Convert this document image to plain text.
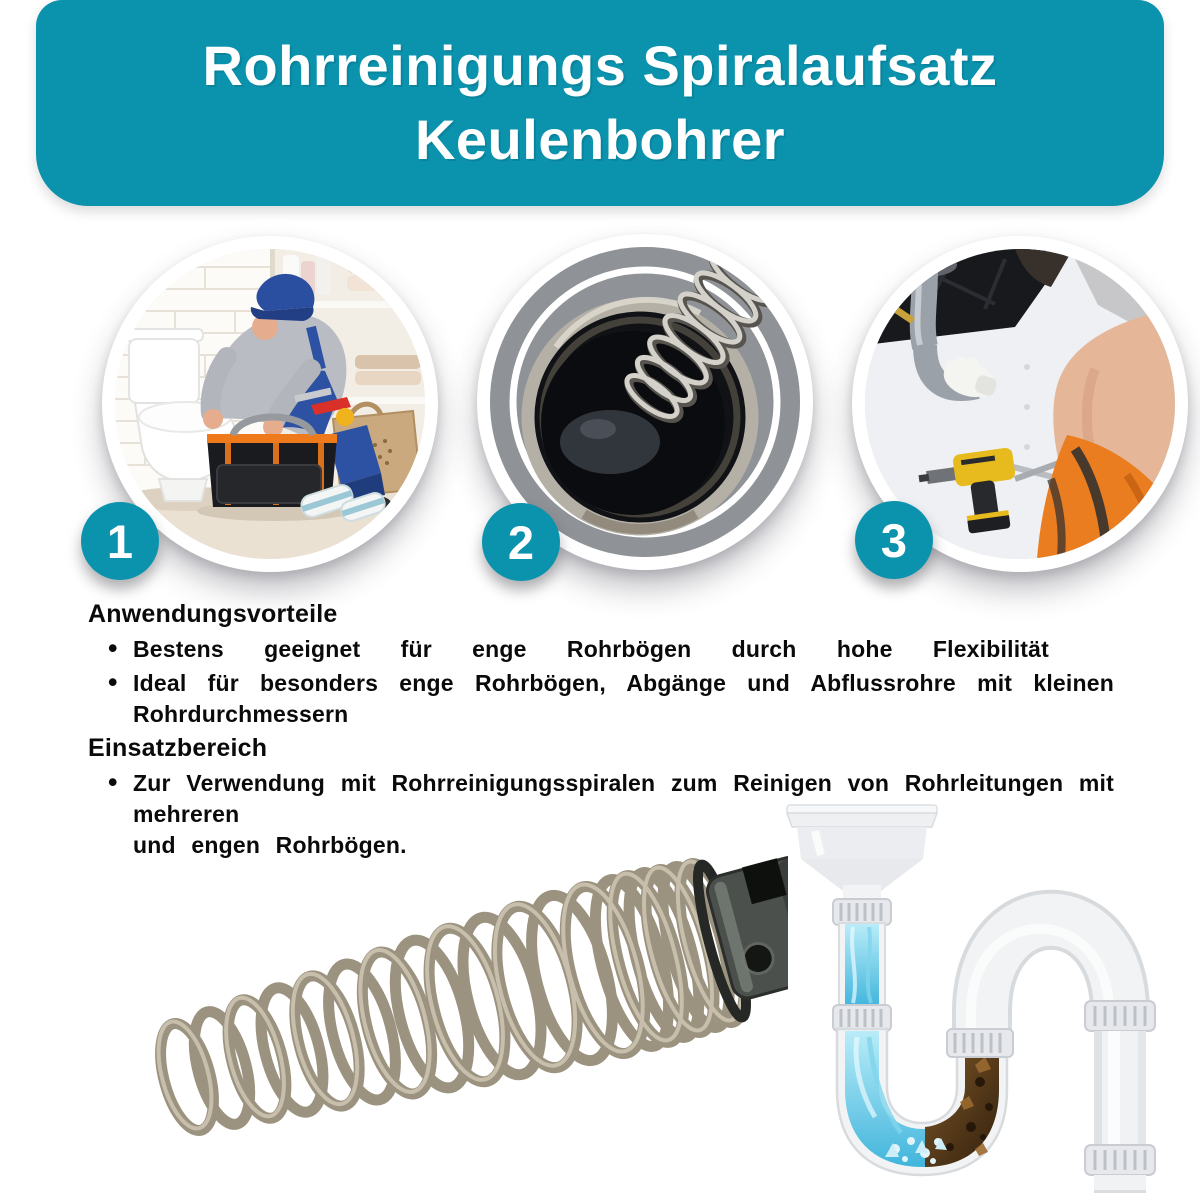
Rohrreinigungs Spiralaufsatz
Keulenbohrer
1	2	3
Anwendungsvorteile
• Bestens geeignet für enge Rohrbögen durch hohe Flexibilität
• Ideal für besonders enge Rohrbögen, Abgänge und Abflussrohre mit kleinen
Rohrdurchmessern
Einsatzbereich
• Zur Verwendung mit Rohrreinigungsspiralen zum Reinigen von Rohrleitungen mit mehreren
und engen Rohrbögen.
